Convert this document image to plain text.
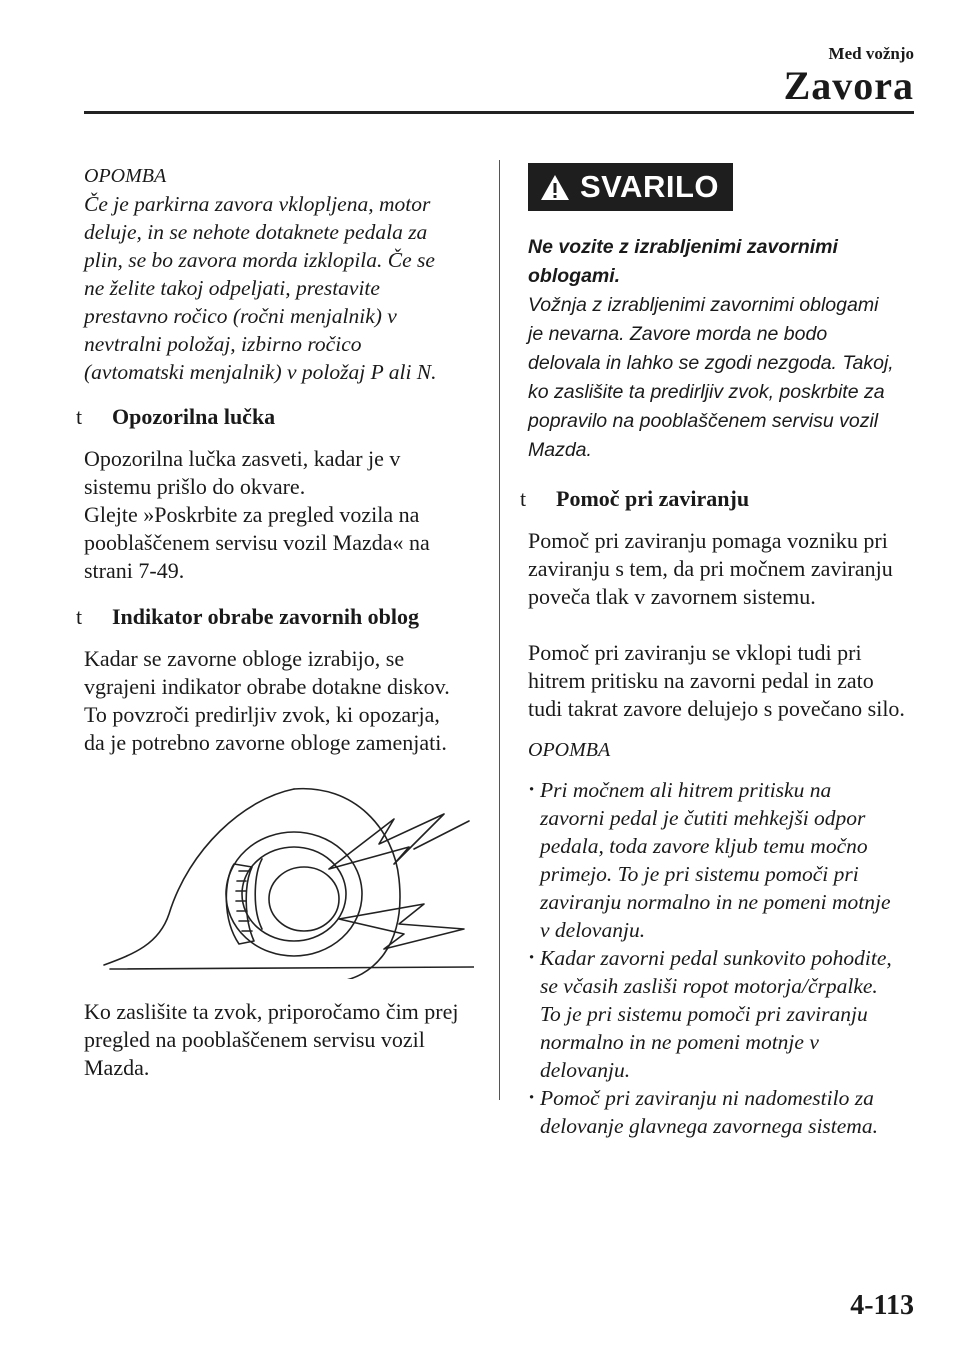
Med vožnjo
Zavora

OPOMBA

Če je parkirna zavora vklopljena, motor
deluje, in se nehote dotaknete pedala za
plin, se bo zavora morda izklopila. Če se
ne želite takoj odpeljati, prestavite
prestavno ročico (ročni menjalnik) v
nevtralni položaj, izbirno ročico
(avtomatski menjalnik) v položaj P ali N.

t Opozorilna lučka

Opozorilna lučka zasveti, kadar je v
sistemu prišlo do okvare.
Glejte »Poskrbite za pregled vozila na
pooblaščenem servisu vozil Mazda« na
strani 7-49.

t Indikator obrabe zavornih oblog

Kadar se zavorne obloge izrabijo, se
vgrajeni indikator obrabe dotakne diskov.
To povzroči predirljiv zvok, ki opozarja,
da je potrebno zavorne obloge zamenjati.

Ko zaslišite ta zvok, priporočamo čim prej
pregled na pooblaščenem servisu vozil
Mazda.

SVARILO

Ne vozite z izrabljenimi zavornimi
oblogami.

Vožnja z izrabljenimi zavornimi oblogami
je nevarna. Zavore morda ne bodo
delovala in lahko se zgodi nezgoda. Takoj,
ko zaslišite ta predirljiv zvok, poskrbite za
popravilo na pooblaščenem servisu vozil
Mazda.

t Pomoč pri zaviranju

Pomoč pri zaviranju pomaga vozniku pri
zaviranju s tem, da pri močnem zaviranju
poveča tlak v zavornem sistemu.

Pomoč pri zaviranju se vklopi tudi pri
hitrem pritisku na zavorni pedal in zato
tudi takrat zavore delujejo s povečano silo.

OPOMBA

· Pri močnem ali hitrem pritisku na
zavorni pedal je čutiti mehkejši odpor
pedala, toda zavore kljub temu močno
primejo. To je pri sistemu pomoči pri
zaviranju normalno in ne pomeni motnje
v delovanju.
· Kadar zavorni pedal sunkovito pohodite,
se včasih zasliši ropot motorja/črpalke.
To je pri sistemu pomoči pri zaviranju
normalno in ne pomeni motnje v
delovanju.
· Pomoč pri zaviranju ni nadomestilo za
delovanje glavnega zavornega sistema.
4-113
